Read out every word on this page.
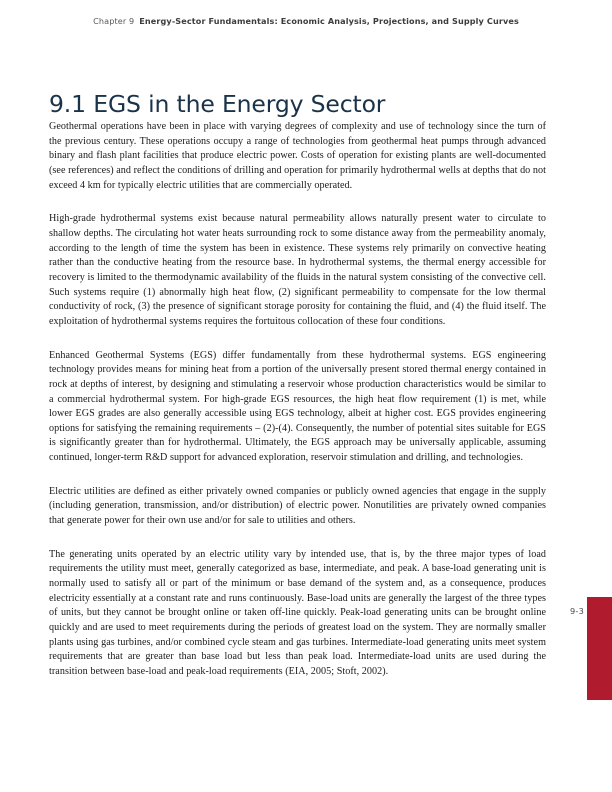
Chapter 9 Energy-Sector Fundamentals: Economic Analysis, Projections, and Supply Curves
9.1 EGS in the Energy Sector

Geothermal operations have been in place with varying degrees of complexity and use of technology since the turn of the previous century. These operations occupy a range of technologies from geothermal heat pumps through advanced binary and flash plant facilities that produce electric power. Costs of operation for existing plants are well-documented (see references) and reflect the conditions of drilling and operation for primarily hydrothermal wells at depths that do not exceed 4 km for typically electric utilities that are commercially operated.

High-grade hydrothermal systems exist because natural permeability allows naturally present water to circulate to shallow depths. The circulating hot water heats surrounding rock to some distance away from the permeability anomaly, according to the length of time the system has been in existence. These systems rely primarily on convective heating rather than the conductive heating from the resource base. In hydrothermal systems, the thermal energy accessible for recovery is limited to the thermodynamic availability of the fluids in the natural system consisting of the convective cell. Such systems require (1) abnormally high heat flow, (2) significant permeability to compensate for the low thermal conductivity of rock, (3) the presence of significant storage porosity for containing the fluid, and (4) the fluid itself. The exploitation of hydrothermal systems requires the fortuitous collocation of these four conditions.

Enhanced Geothermal Systems (EGS) differ fundamentally from these hydrothermal systems. EGS engineering technology provides means for mining heat from a portion of the universally present stored thermal energy contained in rock at depths of interest, by designing and stimulating a reservoir whose production characteristics would be similar to a commercial hydrothermal system. For high-grade EGS resources, the high heat flow requirement (1) is met, while lower EGS grades are also generally accessible using EGS technology, albeit at higher cost. EGS provides engineering options for satisfying the remaining requirements – (2)-(4). Consequently, the number of potential sites suitable for EGS is significantly greater than for hydrothermal. Ultimately, the EGS approach may be universally applicable, assuming continued, longer-term R&D support for advanced exploration, reservoir stimulation and drilling, and technologies.

Electric utilities are defined as either privately owned companies or publicly owned agencies that engage in the supply (including generation, transmission, and/or distribution) of electric power. Nonutilities are privately owned companies that generate power for their own use and/or for sale to utilities and others.

The generating units operated by an electric utility vary by intended use, that is, by the three major types of load requirements the utility must meet, generally categorized as base, intermediate, and peak. A base-load generating unit is normally used to satisfy all or part of the minimum or base demand of the system and, as a consequence, produces electricity essentially at a constant rate and runs continuously. Base-load units are generally the largest of the three types of units, but they cannot be brought online or taken off-line quickly. Peak-load generating units can be brought online quickly and are used to meet requirements during the periods of greatest load on the system. They are normally smaller plants using gas turbines, and/or combined cycle steam and gas turbines. Intermediate-load generating units meet system requirements that are greater than base load but less than peak load. Intermediate-load units are used during the transition between base-load and peak-load requirements (EIA, 2005; Stoft, 2002).

9-3
